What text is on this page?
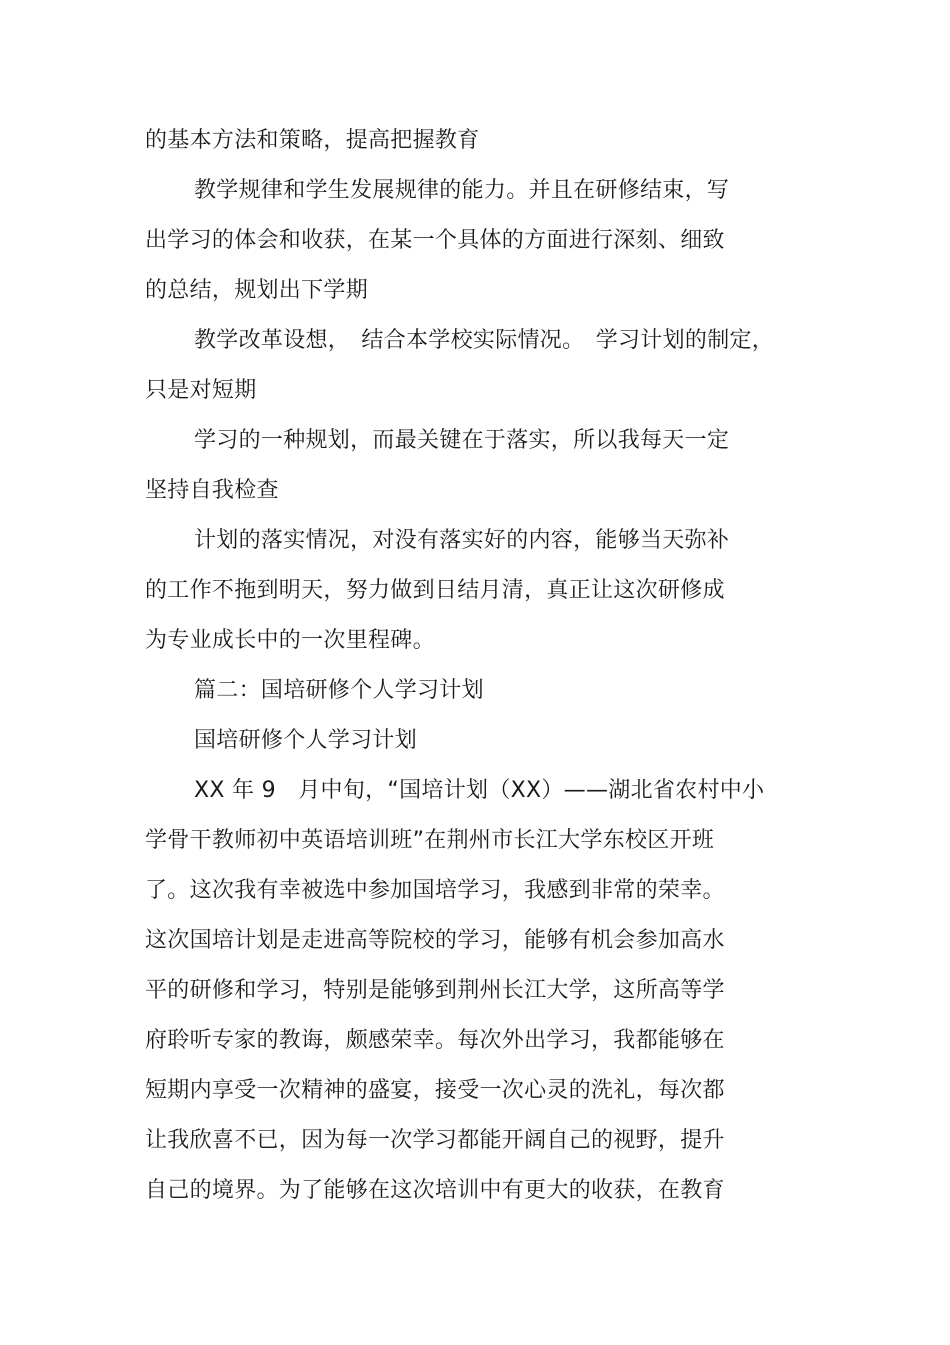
的基本方法和策略，提高把握教育

教学规律和学生发展规律的能力。并且在研修结束，写

出学习的体会和收获，在某一个具体的方面进行深刻、细致

的总结，规划出下学期

教学改革设想，　结合本学校实际情况。　学习计划的制定，

只是对短期

学习的一种规划，而最关键在于落实，所以我每天一定

坚持自我检查

计划的落实情况，对没有落实好的内容，能够当天弥补

的工作不拖到明天，努力做到日结月清，真正让这次研修成

为专业成长中的一次里程碑。

篇二：国培研修个人学习计划

国培研修个人学习计划

XX 年 9　月中旬，“国培计划（XX）——湖北省农村中小

学骨干教师初中英语培训班”在荆州市长江大学东校区开班

了。这次我有幸被选中参加国培学习，我感到非常的荣幸。

这次国培计划是走进高等院校的学习，能够有机会参加高水

平的研修和学习，特别是能够到荆州长江大学，这所高等学

府聆听专家的教诲，颇感荣幸。每次外出学习，我都能够在

短期内享受一次精神的盛宴，接受一次心灵的洗礼，每次都

让我欣喜不已，因为每一次学习都能开阔自己的视野，提升

自己的境界。为了能够在这次培训中有更大的收获，在教育
